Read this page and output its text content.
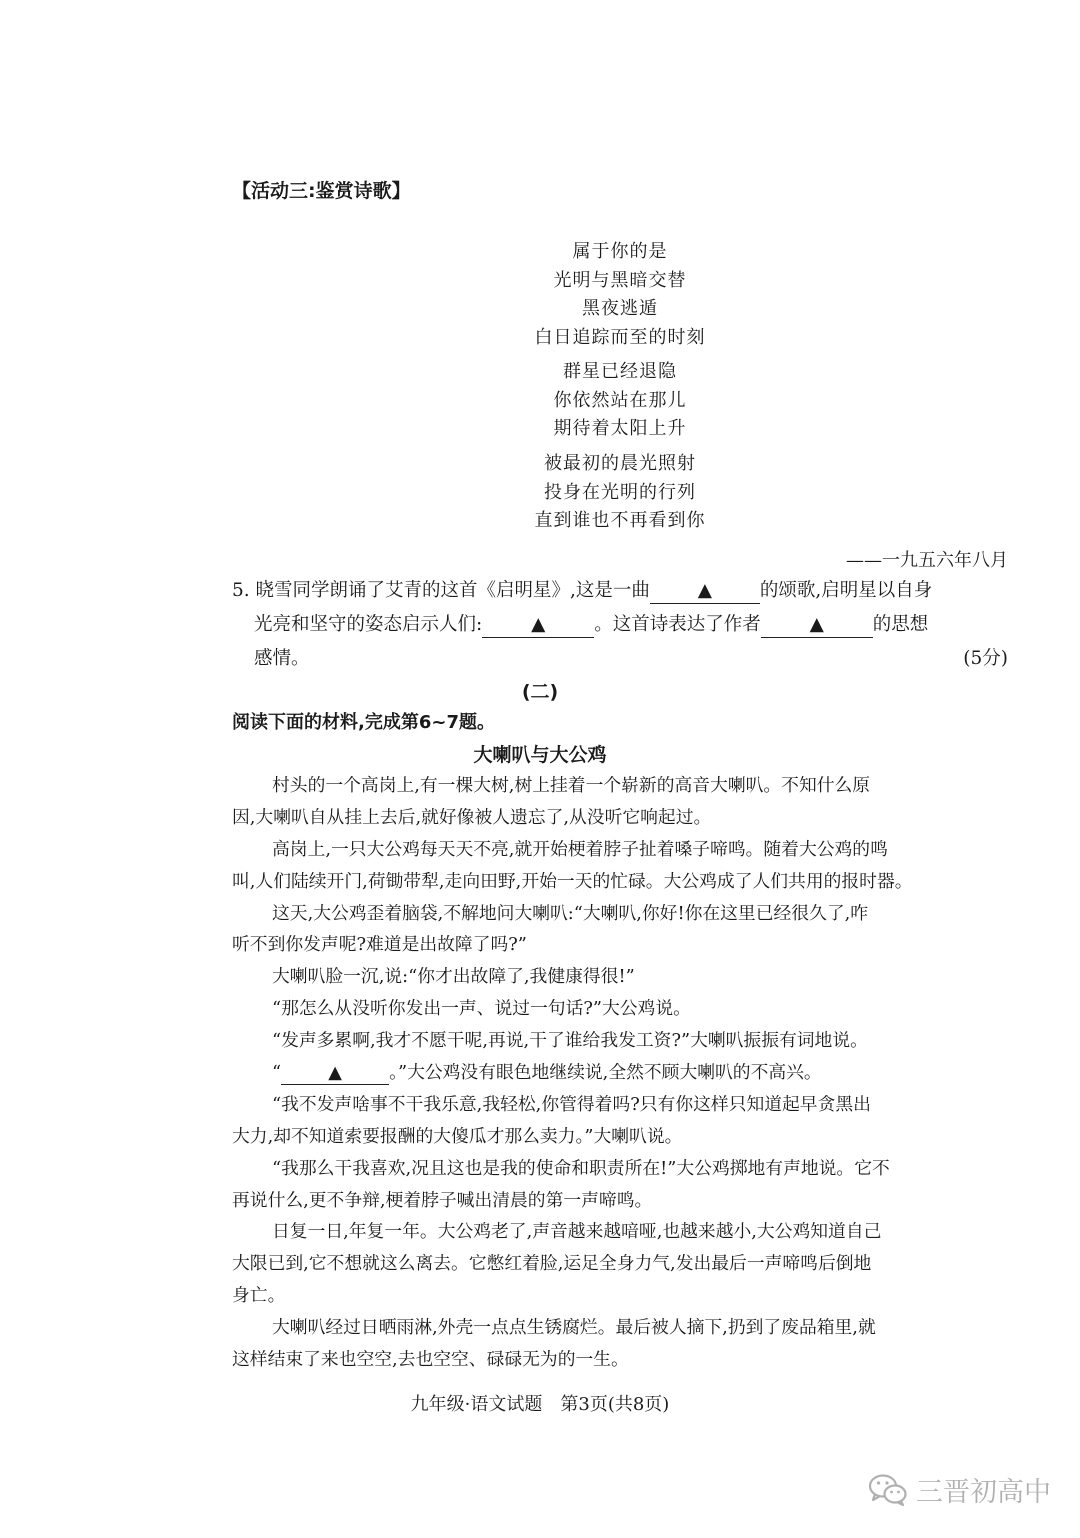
【活动三:鉴赏诗歌】
属于你的是
光明与黑暗交替
黑夜逃遁
白日追踪而至的时刻
群星已经退隐
你依然站在那儿
期待着太阳上升
被最初的晨光照射
投身在光明的行列
直到谁也不再看到你
——一九五六年八月
5. 晓雪同学朗诵了艾青的这首《启明星》,这是一曲	▲	的颂歌,启明星以自身
光亮和坚守的姿态启示人们:	▲	。这首诗表达了作者	▲	的思想
感情。	(5分)
(二)
阅读下面的材料,完成第6~7题。
大喇叭与大公鸡
村头的一个高岗上,有一棵大树,树上挂着一个崭新的高音大喇叭。不知什么原
因,大喇叭自从挂上去后,就好像被人遗忘了,从没听它响起过。
高岗上,一只大公鸡每天天不亮,就开始梗着脖子扯着嗓子啼鸣。随着大公鸡的鸣
叫,人们陆续开门,荷锄带犁,走向田野,开始一天的忙碌。大公鸡成了人们共用的报时器。
这天,大公鸡歪着脑袋,不解地问大喇叭:“大喇叭,你好!你在这里已经很久了,咋
听不到你发声呢?难道是出故障了吗?”
大喇叭脸一沉,说:“你才出故障了,我健康得很!”
“那怎么从没听你发出一声、说过一句话?”大公鸡说。
“发声多累啊,我才不愿干呢,再说,干了谁给我发工资?”大喇叭振振有词地说。
“	▲	。”大公鸡没有眼色地继续说,全然不顾大喇叭的不高兴。
“我不发声啥事不干我乐意,我轻松,你管得着吗?只有你这样只知道起早贪黑出
大力,却不知道索要报酬的大傻瓜才那么卖力。”大喇叭说。
“我那么干我喜欢,况且这也是我的使命和职责所在!”大公鸡掷地有声地说。它不
再说什么,更不争辩,梗着脖子喊出清晨的第一声啼鸣。
日复一日,年复一年。大公鸡老了,声音越来越喑哑,也越来越小,大公鸡知道自己
大限已到,它不想就这么离去。它憋红着脸,运足全身力气,发出最后一声啼鸣后倒地
身亡。
大喇叭经过日晒雨淋,外壳一点点生锈腐烂。最后被人摘下,扔到了废品箱里,就
这样结束了来也空空,去也空空、碌碌无为的一生。
九年级·语文试题　第3页(共8页)
三晋初高中
